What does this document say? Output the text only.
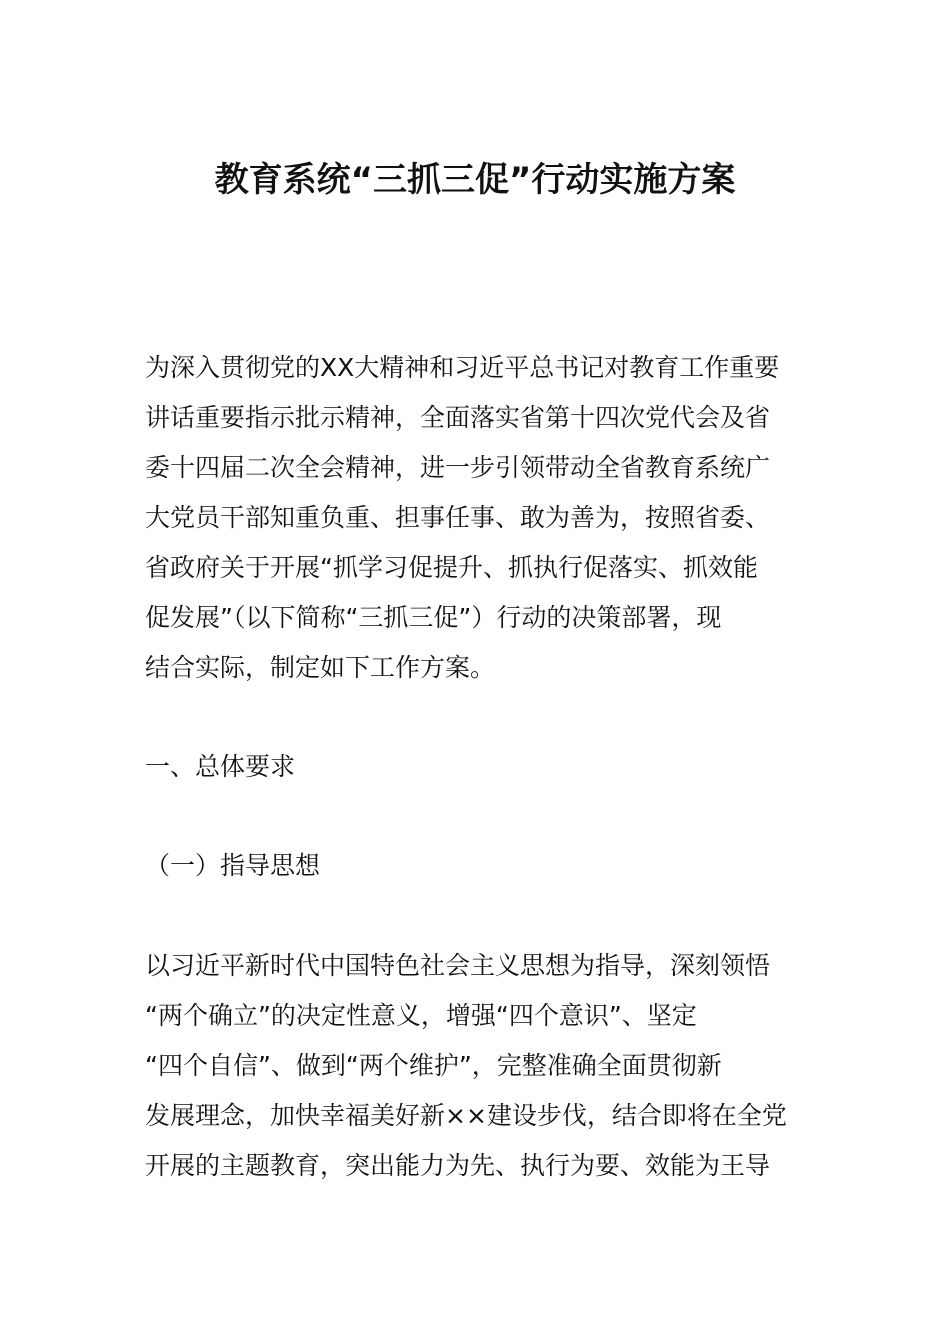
教育系统“三抓三促”行动实施方案
为深入贯彻党的XX大精神和习近平总书记对教育工作重要
讲话重要指示批示精神，全面落实省第十四次党代会及省
委十四届二次全会精神，进一步引领带动全省教育系统广
大党员干部知重负重、担事任事、敢为善为，按照省委、
省政府关于开展“抓学习促提升、抓执行促落实、抓效能
促发展”（以下简称“三抓三促”）行动的决策部署，现
结合实际，制定如下工作方案。
一、总体要求
（一）指导思想
以习近平新时代中国特色社会主义思想为指导，深刻领悟
“两个确立”的决定性意义，增强“四个意识”、坚定
“四个自信”、做到“两个维护”，完整准确全面贯彻新
发展理念，加快幸福美好新××建设步伐，结合即将在全党
开展的主题教育，突出能力为先、执行为要、效能为王导
